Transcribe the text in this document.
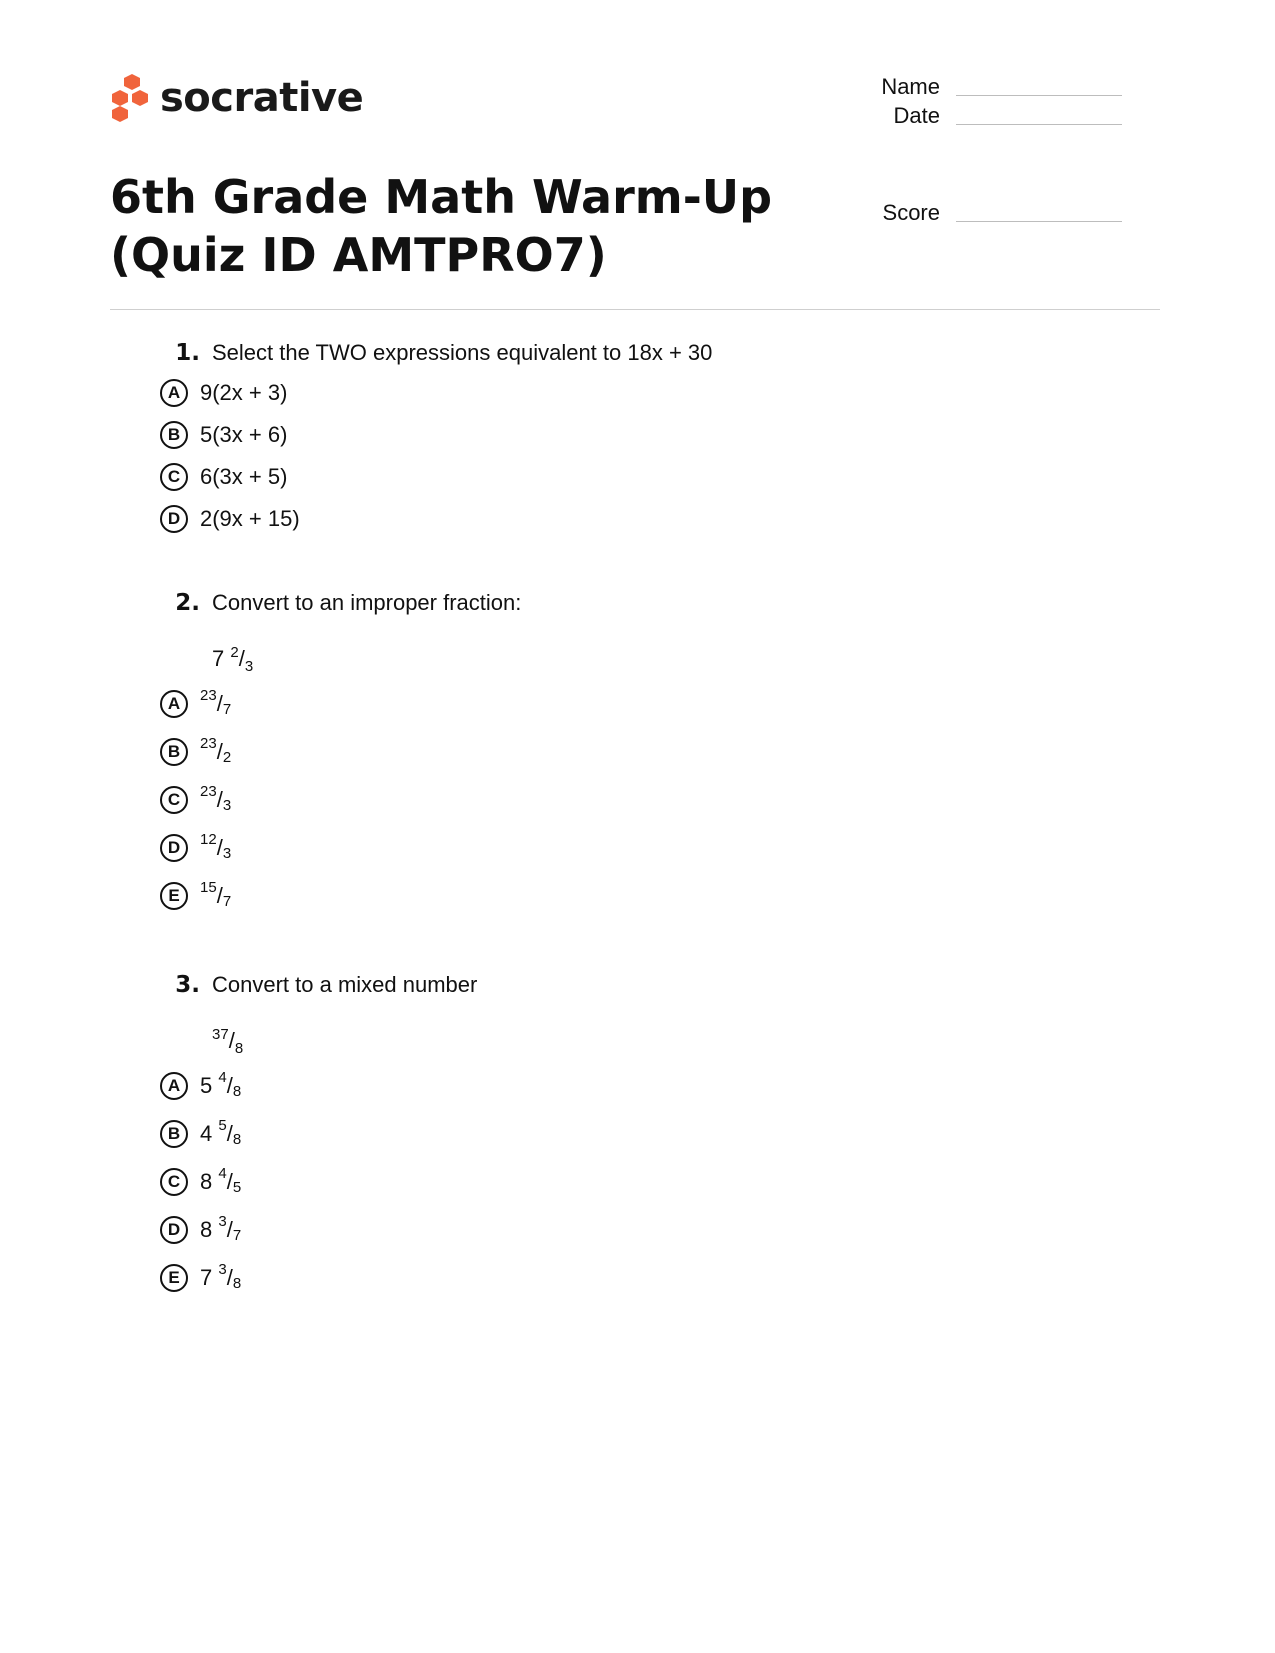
socrative	Name
Date
Score
6th Grade Math Warm-Up (Quiz ID AMTPRO7)
1. Select the TWO expressions equivalent to 18x + 30
A 9(2x + 3)
B 5(3x + 6)
C 6(3x + 5)
D 2(9x + 15)
2. Convert to an improper fraction:
7 $^2/_3$
A	$^{23}$ $/_7$
B	$^{23}$ $/_2$
C	$^{23}$ $/_3$
D	$^{12}$ $/_3$
E	$^{15}$ $/_7$
3. Convert to a mixed number
$^{37}/_8$
A 5
$^4$ $/_8$
B 4
$^5$ $/_8$
C 8
$^4$ $/_5$
D 8
$^3$ $/_7$
E 7
$^3$ $/_8$
